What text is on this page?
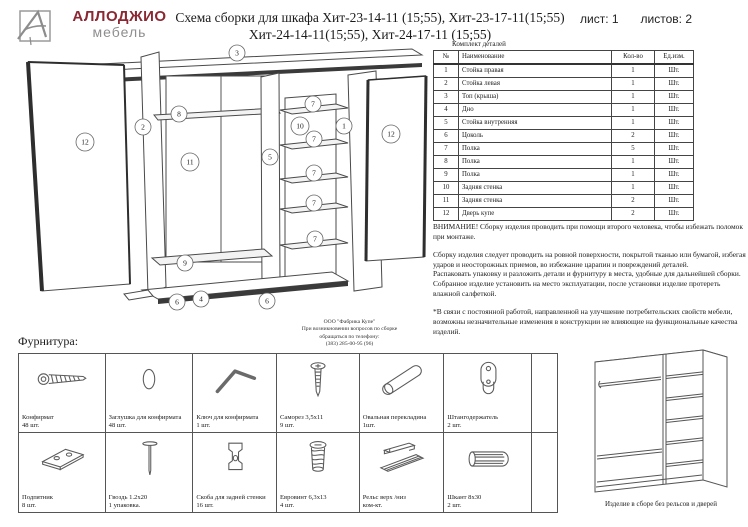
АЛЛОДЖИО
мебель
Схема сборки для шкафа Хит-23-14-11 (15;55), Хит-23-17-11(15;55)
Хит-24-14-11(15;55), Хит-24-17-11 (15;55)
лист: 1 листов: 2
Комплект деталей
№	Наименование	Кол-во	Ед.изм.
1	Стойка правая	1	Шт.
2	Стойка левая	1	Шт.
3	Топ (крыша)	1	Шт.
4	Дно	1	Шт.
5	Стойка внутренняя	1	Шт.
6	Цоколь	2	Шт.
7	Полка	5	Шт.
8	Полка	1	Шт.
9	Полка	1	Шт.
10	Задняя стенка	1	Шт.
11	Задняя стенка	2	Шт.
12	Дверь купе	2	Шт.
3
8
2
12
11
5
10
7
7
7
7
7
1
12
9
6	4	6
ООО "Фабрика Купе"
При возникновении вопросов по сборке
обращаться по телефону:
(383) 285-00-95 (96)

ВНИМАНИЕ! Сборку изделия проводить при помощи второго человека, чтобы избежать поломок при монтаже.

Сборку изделия следует проводить на ровной поверхности, покрытой тканью или бумагой, избегая ударов и неосторожных приемов, во избежание царапин и повреждений деталей.
Распаковать упаковку и разложить детали и фурнитуру в места, удобные для дальнейшей сборки.
Собранное изделие установить на место эксплуатации, после установки изделие протереть влажной салфеткой.

*В связи с постоянной работой, направленной на улучшение потребительских свойств мебели, возможны незначительные изменения в конструкции не влияющие на функциональные качества изделий.

Фурнитура:
Конфирмат
48 шт.
Заглушка для конфирмата
48 шт.
Ключ для конфирмата
1 шт.
Саморез 3,5х11
9 шт.
Овальная перекладина
1шт.
Штангодержатель
2 шт.
Подпятник
8 шт.
Гвоздь 1.2х20
1 упаковка.
Скоба для задней стенки
16 шт.
Евровинт 6,3х13
4 шт.
Рельс верх /низ
ком-кт.
Шкант 8х30
2 шт.	Изделие в сборе без рельсов и дверей
